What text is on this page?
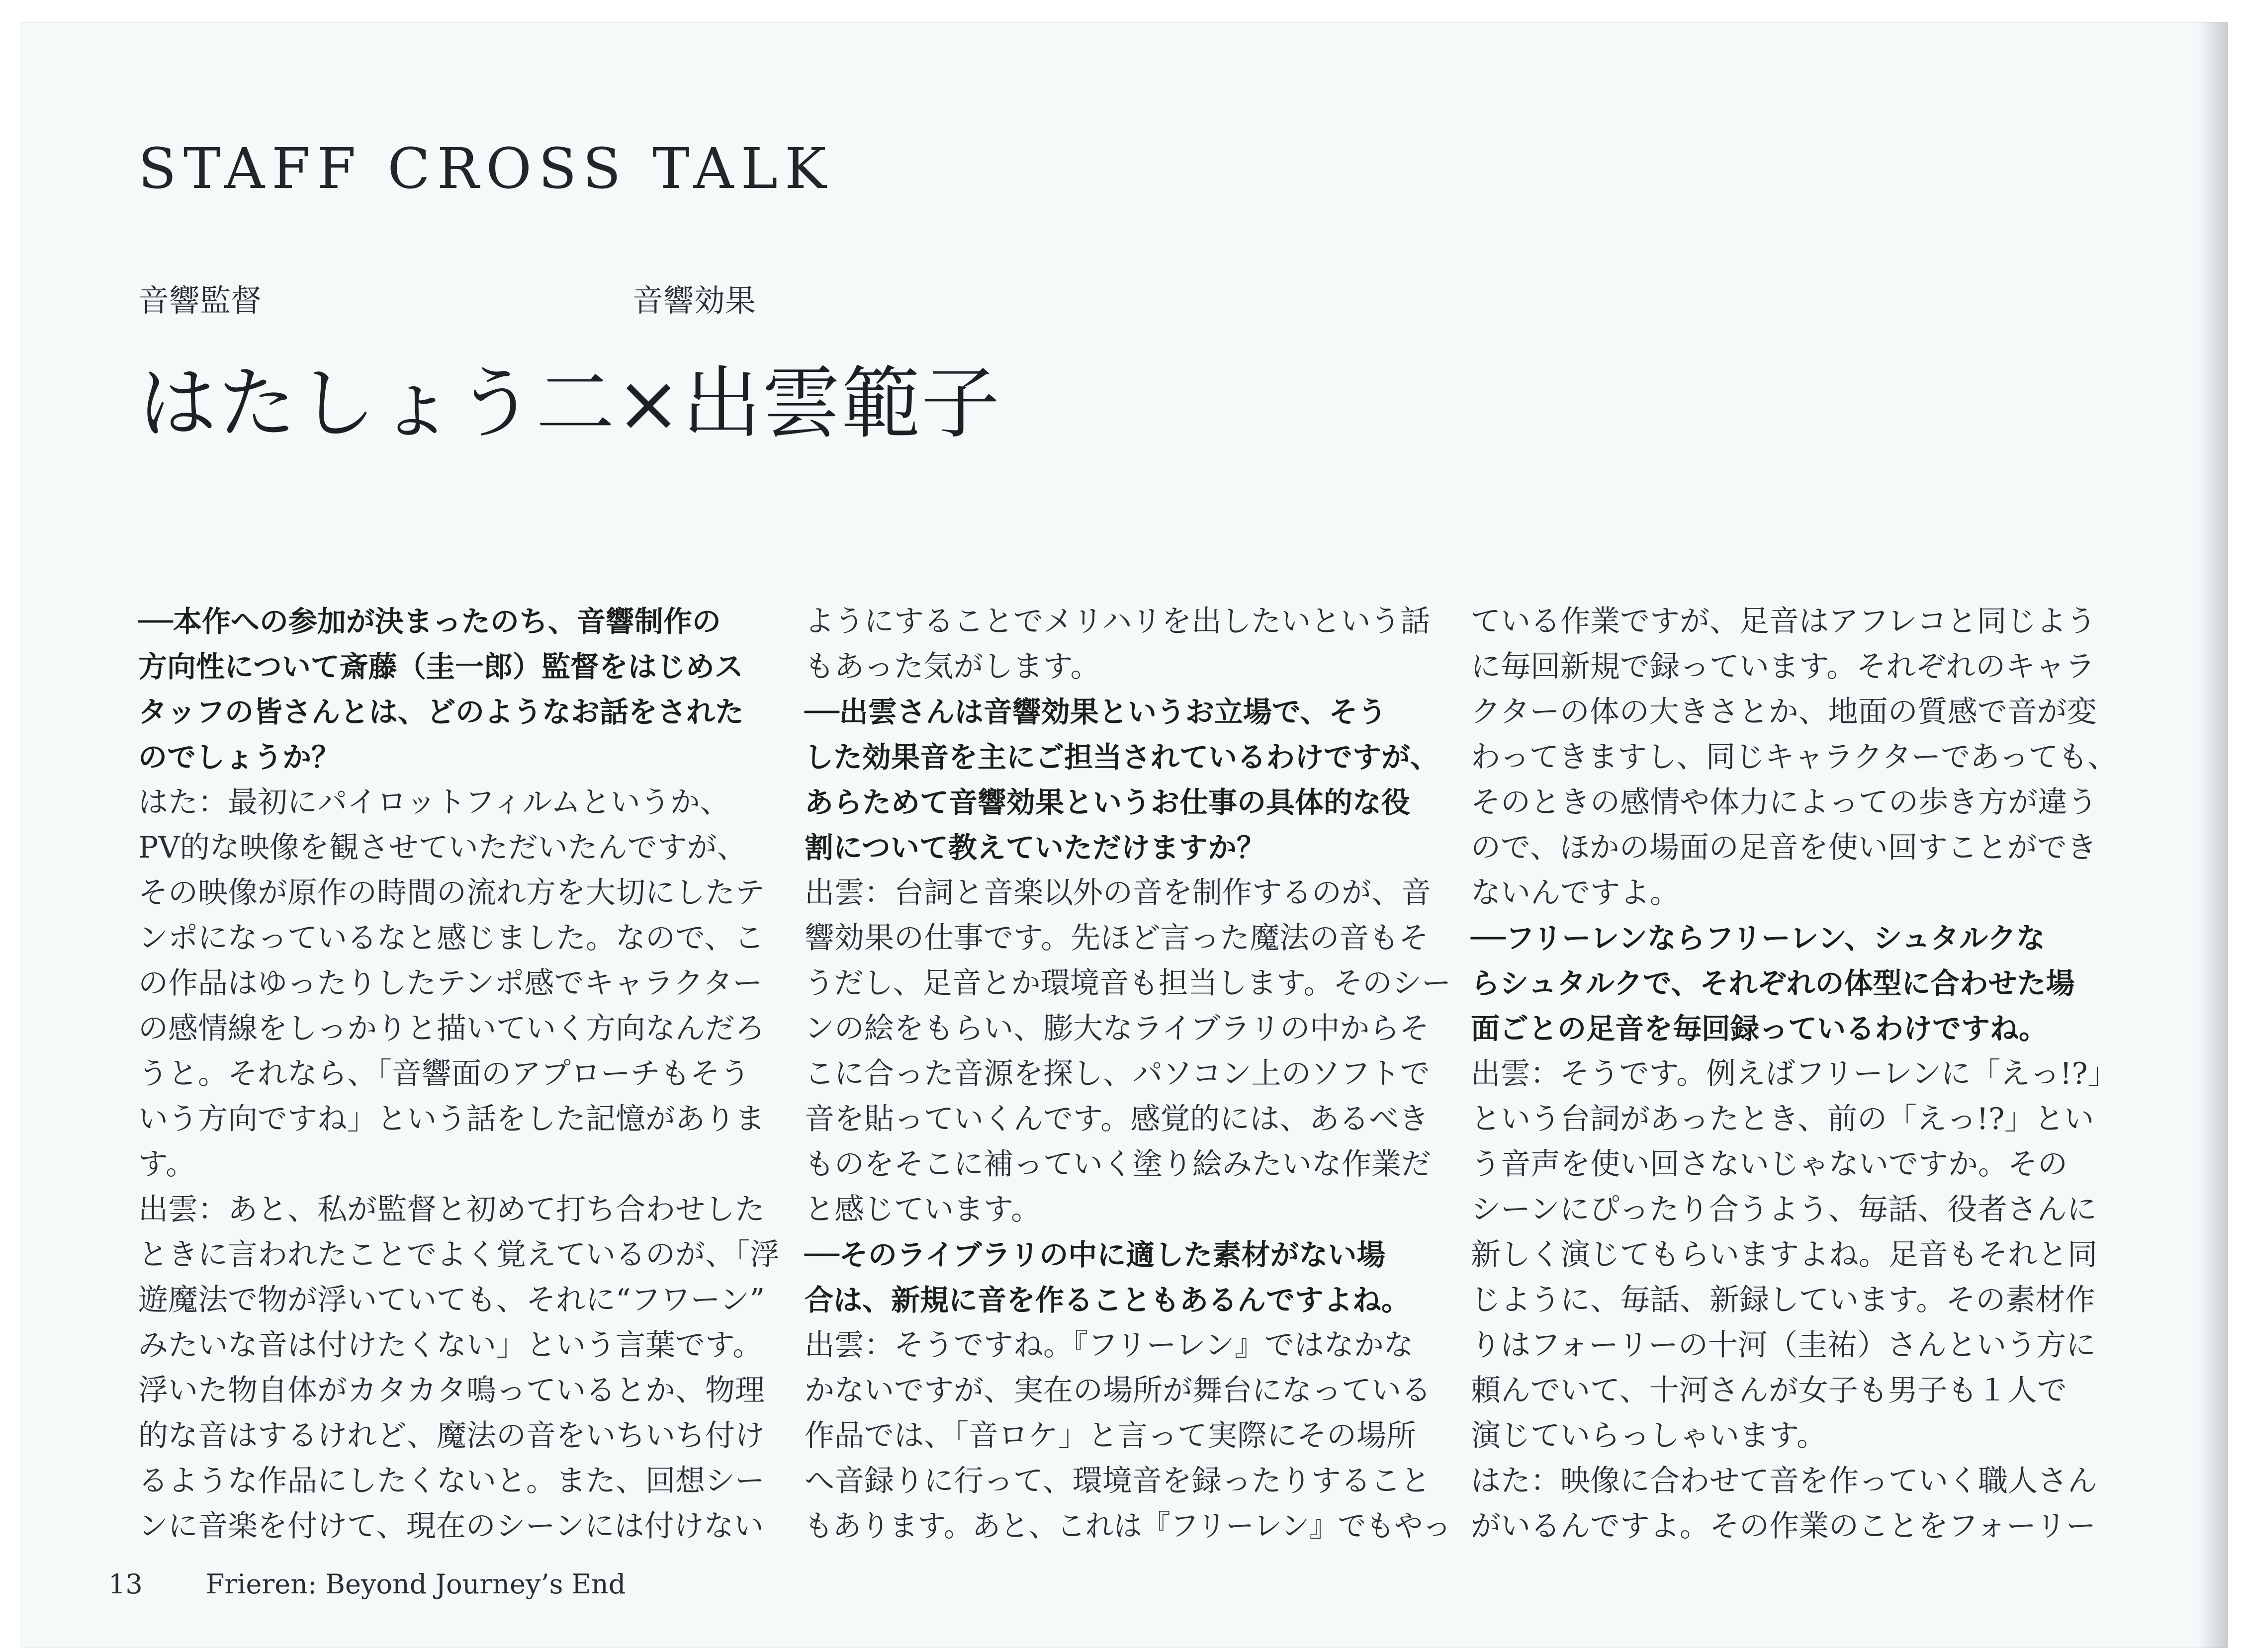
STAFF CROSS TALK
音響監督	音響効果
はたしょう二×出雲範子
──本作への参加が決まったのち、音響制作の
方向性について斎藤（圭一郎）監督をはじめス
タッフの皆さんとは、どのようなお話をされた
のでしょうか？
はた：最初にパイロットフィルムというか、
PV的な映像を観させていただいたんですが、
その映像が原作の時間の流れ方を大切にしたテ
ンポになっているなと感じました。なので、こ
の作品はゆったりしたテンポ感でキャラクター
の感情線をしっかりと描いていく方向なんだろ
うと。それなら、「音響面のアプローチもそう
いう方向ですね」という話をした記憶がありま
す。
出雲：あと、私が監督と初めて打ち合わせした
ときに言われたことでよく覚えているのが、「浮
遊魔法で物が浮いていても、それに“フワーン”
みたいな音は付けたくない」という言葉です。
浮いた物自体がカタカタ鳴っているとか、物理
的な音はするけれど、魔法の音をいちいち付け
るような作品にしたくないと。また、回想シー
ンに音楽を付けて、現在のシーンには付けない
ようにすることでメリハリを出したいという話
もあった気がします。
──出雲さんは音響効果というお立場で、そう
した効果音を主にご担当されているわけですが、
あらためて音響効果というお仕事の具体的な役
割について教えていただけますか？
出雲：台詞と音楽以外の音を制作するのが、音
響効果の仕事です。先ほど言った魔法の音もそ
うだし、足音とか環境音も担当します。そのシー
ンの絵をもらい、膨大なライブラリの中からそ
こに合った音源を探し、パソコン上のソフトで
音を貼っていくんです。感覚的には、あるべき
ものをそこに補っていく塗り絵みたいな作業だ
と感じています。
──そのライブラリの中に適した素材がない場
合は、新規に音を作ることもあるんですよね。
出雲：そうですね。『フリーレン』ではなかな
かないですが、実在の場所が舞台になっている
作品では、「音ロケ」と言って実際にその場所
へ音録りに行って、環境音を録ったりすること
もあります。あと、これは『フリーレン』でもやっ
ている作業ですが、足音はアフレコと同じよう
に毎回新規で録っています。それぞれのキャラ
クターの体の大きさとか、地面の質感で音が変
わってきますし、同じキャラクターであっても、
そのときの感情や体力によっての歩き方が違う
ので、ほかの場面の足音を使い回すことができ
ないんですよ。
──フリーレンならフリーレン、シュタルクな
らシュタルクで、それぞれの体型に合わせた場
面ごとの足音を毎回録っているわけですね。
出雲：そうです。例えばフリーレンに「えっ!?」
という台詞があったとき、前の「えっ!?」とい
う音声を使い回さないじゃないですか。その
シーンにぴったり合うよう、毎話、役者さんに
新しく演じてもらいますよね。足音もそれと同
じように、毎話、新録しています。その素材作
りはフォーリーの十河（圭祐）さんという方に
頼んでいて、十河さんが女子も男子も１人で
演じていらっしゃいます。
はた：映像に合わせて音を作っていく職人さん
がいるんですよ。その作業のことをフォーリー
13 Frieren: Beyond Journey’s End
